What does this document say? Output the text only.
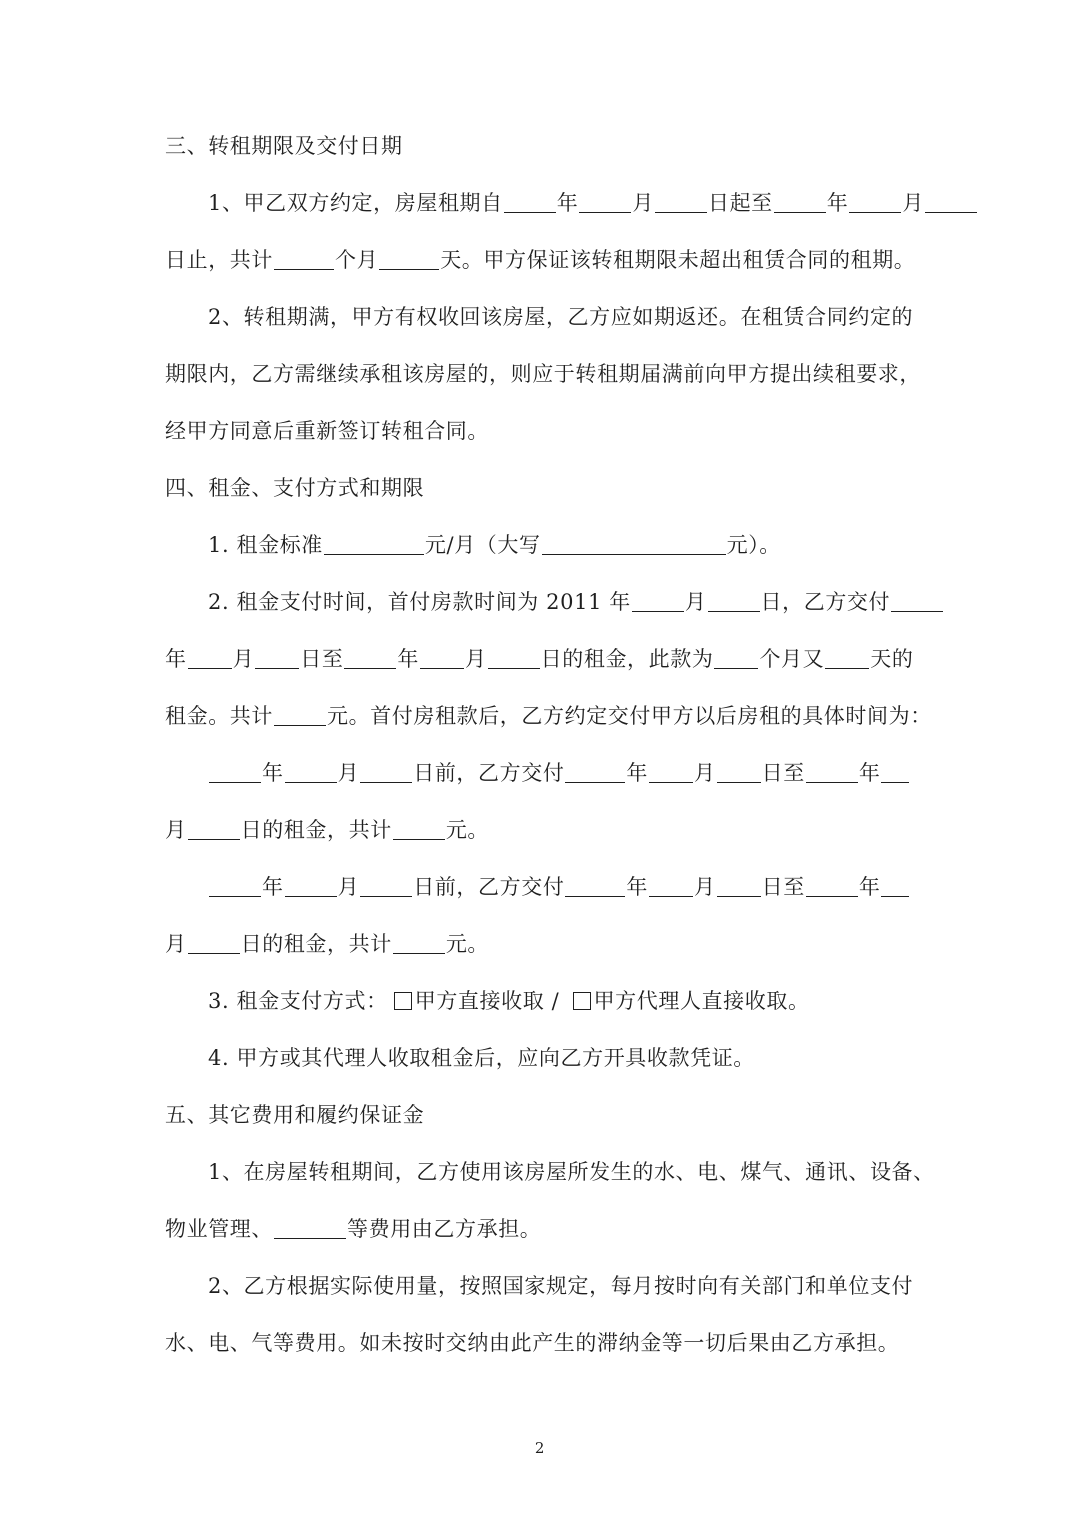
三、转租期限及交付日期
1、甲乙双方约定，房屋租期自	年	月	日起至	年	月
日止，共计	个月	天。甲方保证该转租期限未超出租赁合同的租期。
2、转租期满，甲方有权收回该房屋，乙方应如期返还。在租赁合同约定的
期限内，乙方需继续承租该房屋的，则应于转租期届满前向甲方提出续租要求，
经甲方同意后重新签订转租合同。
四、租金、支付方式和期限
1. 租金标准	元/月（大写	元）。
2. 租金支付时间，首付房款时间为 2011 年	月	日，乙方交付
年 月 日至	年 月	日的租金，此款为 个月又 天的
租金。共计	元。首付房租款后，乙方约定交付甲方以后房租的具体时间为：
年	月	日前，乙方交付	年 月 日至	年
月	日的租金，共计	元。
年	月	日前，乙方交付	年 月 日至	年
月	日的租金，共计	元。
3. 租金支付方式： 甲方直接收取 / 甲方代理人直接收取。
4. 甲方或其代理人收取租金后，应向乙方开具收款凭证。
五、其它费用和履约保证金
1、在房屋转租期间，乙方使用该房屋所发生的水、电、煤气、通讯、设备、
物业管理、	等费用由乙方承担。
2、乙方根据实际使用量，按照国家规定，每月按时向有关部门和单位支付
水、电、气等费用。如未按时交纳由此产生的滞纳金等一切后果由乙方承担。
2
